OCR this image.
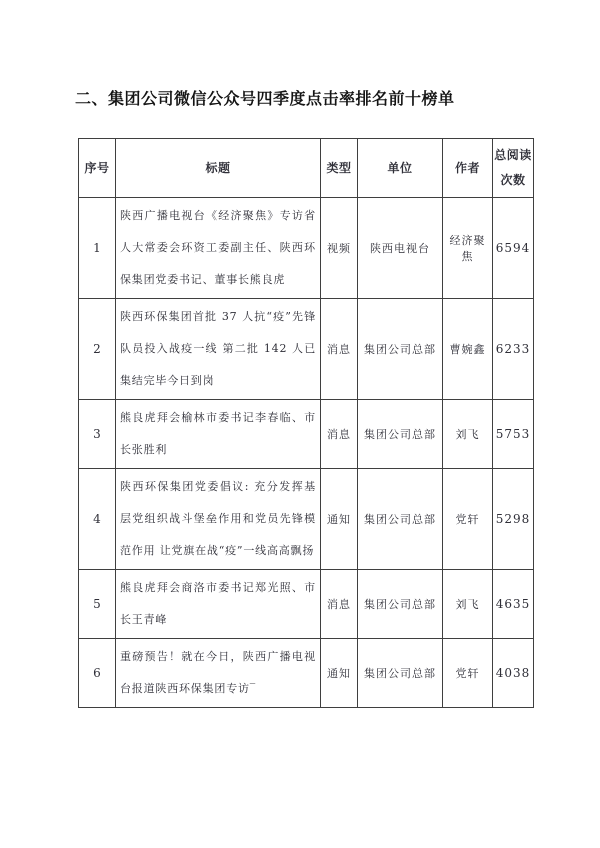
二、集团公司微信公众号四季度点击率排名前十榜单
序号	标题	类型	单位	作者	总阅读次数
1	陕西广播电视台《经济聚焦》专访省人大常委会环资工委副主任、陕西环保集团党委书记、董事长熊良虎	视频	陕西电视台	经济聚焦	6594
2	陕西环保集团首批 37 人抗“疫”先锋队员投入战疫一线 第二批 142 人已集结完毕今日到岗	消息	集团公司总部	曹婉鑫	6233
3	熊良虎拜会榆林市委书记李春临、市长张胜利	消息	集团公司总部	刘飞	5753
4	陕西环保集团党委倡议: 充分发挥基层党组织战斗堡垒作用和党员先锋模范作用 让党旗在战“疫”一线高高飘扬	通知	集团公司总部	党轩	5298
5	熊良虎拜会商洛市委书记郑光照、市长王青峰	消息	集团公司总部	刘飞	4635
6	重磅预告！就在今日，陕西广播电视台报道陕西环保集团专访‾	通知	集团公司总部	党轩	4038
